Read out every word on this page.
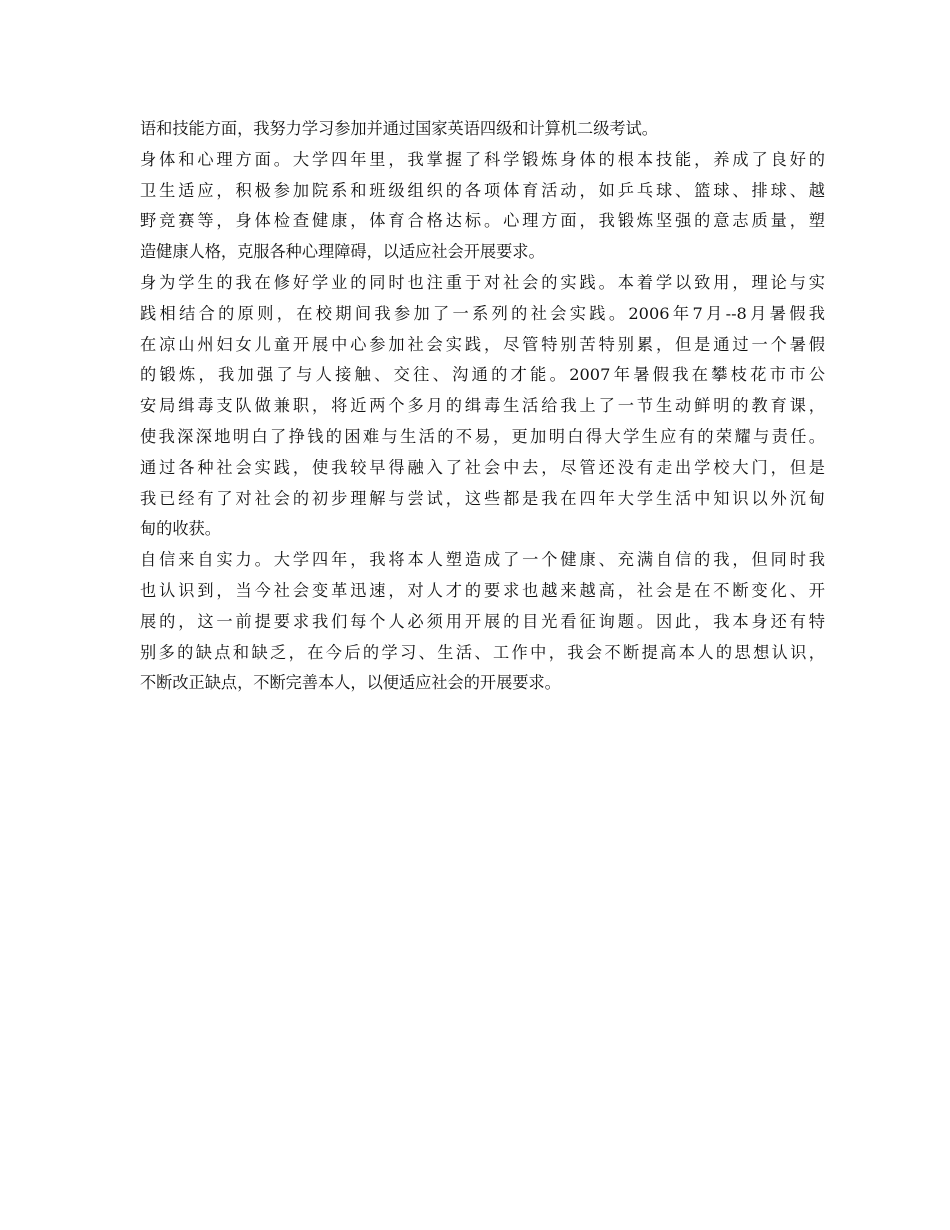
语和技能方面，我努力学习参加并通过国家英语四级和计算机二级考试。
身体和心理方面。大学四年里，我掌握了科学锻炼身体的根本技能，养成了良好的
卫生适应，积极参加院系和班级组织的各项体育活动，如乒乓球、篮球、排球、越
野竞赛等，身体检查健康，体育合格达标。心理方面，我锻炼坚强的意志质量，塑
造健康人格，克服各种心理障碍，以适应社会开展要求。
身为学生的我在修好学业的同时也注重于对社会的实践。本着学以致用，理论与实
践相结合的原则，在校期间我参加了一系列的社会实践。2006年7月--8月暑假我
在凉山州妇女儿童开展中心参加社会实践，尽管特别苦特别累，但是通过一个暑假
的锻炼，我加强了与人接触、交往、沟通的才能。2007年暑假我在攀枝花市市公
安局缉毒支队做兼职，将近两个多月的缉毒生活给我上了一节生动鲜明的教育课，
使我深深地明白了挣钱的困难与生活的不易，更加明白得大学生应有的荣耀与责任。
通过各种社会实践，使我较早得融入了社会中去，尽管还没有走出学校大门，但是
我已经有了对社会的初步理解与尝试，这些都是我在四年大学生活中知识以外沉甸
甸的收获。
自信来自实力。大学四年，我将本人塑造成了一个健康、充满自信的我，但同时我
也认识到，当今社会变革迅速，对人才的要求也越来越高，社会是在不断变化、开
展的，这一前提要求我们每个人必须用开展的目光看征询题。因此，我本身还有特
别多的缺点和缺乏，在今后的学习、生活、工作中，我会不断提高本人的思想认识，
不断改正缺点，不断完善本人，以便适应社会的开展要求。
